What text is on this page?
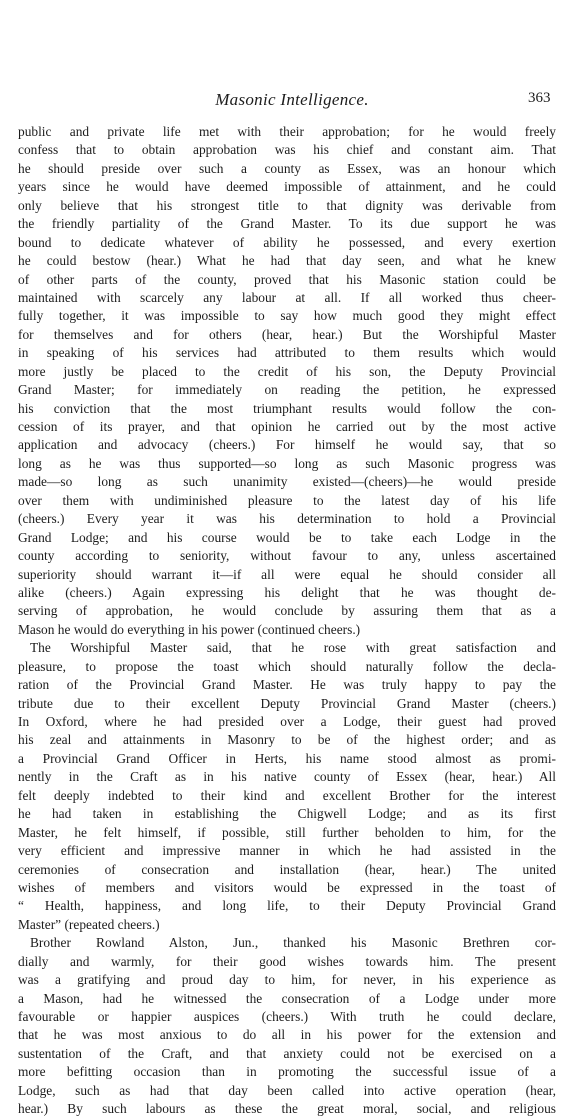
Masonic Intelligence.	363
public and private life met with their approbation; for he would freely
confess that to obtain approbation was his chief and constant aim. That
he should preside over such a county as Essex, was an honour which
years since he would have deemed impossible of attainment, and he could
only believe that his strongest title to that dignity was derivable from
the friendly partiality of the Grand Master. To its due support he was
bound to dedicate whatever of ability he possessed, and every exertion
he could bestow (hear.) What he had that day seen, and what he knew
of other parts of the county, proved that his Masonic station could be
maintained with scarcely any labour at all. If all worked thus cheer-
fully together, it was impossible to say how much good they might effect
for themselves and for others (hear, hear.) But the Worshipful Master
in speaking of his services had attributed to them results which would
more justly be placed to the credit of his son, the Deputy Provincial
Grand Master; for immediately on reading the petition, he expressed
his conviction that the most triumphant results would follow the con-
cession of its prayer, and that opinion he carried out by the most active
application and advocacy (cheers.) For himself he would say, that so
long as he was thus supported—so long as such Masonic progress was
made—so long as such unanimity existed—(cheers)—he would preside
over them with undiminished pleasure to the latest day of his life
(cheers.) Every year it was his determination to hold a Provincial
Grand Lodge; and his course would be to take each Lodge in the
county according to seniority, without favour to any, unless ascertained
superiority should warrant it—if all were equal he should consider all
alike (cheers.) Again expressing his delight that he was thought de-
serving of approbation, he would conclude by assuring them that as a
Mason he would do everything in his power (continued cheers.)
The Worshipful Master said, that he rose with great satisfaction and
pleasure, to propose the toast which should naturally follow the decla-
ration of the Provincial Grand Master. He was truly happy to pay the
tribute due to their excellent Deputy Provincial Grand Master (cheers.)
In Oxford, where he had presided over a Lodge, their guest had proved
his zeal and attainments in Masonry to be of the highest order; and as
a Provincial Grand Officer in Herts, his name stood almost as promi-
nently in the Craft as in his native county of Essex (hear, hear.) All
felt deeply indebted to their kind and excellent Brother for the interest
he had taken in establishing the Chigwell Lodge; and as its first
Master, he felt himself, if possible, still further beholden to him, for the
very efficient and impressive manner in which he had assisted in the
ceremonies of consecration and installation (hear, hear.) The united
wishes of members and visitors would be expressed in the toast of
“ Health, happiness, and long life, to their Deputy Provincial Grand
Master” (repeated cheers.)
Brother Rowland Alston, Jun., thanked his Masonic Brethren cor-
dially and warmly, for their good wishes towards him. The present
was a gratifying and proud day to him, for never, in his experience as
a Mason, had he witnessed the consecration of a Lodge under more
favourable or happier auspices (cheers.) With truth he could declare,
that he was most anxious to do all in his power for the extension and
sustentation of the Craft, and that anxiety could not be exercised on a
more befitting occasion than in promoting the successful issue of a
Lodge, such as had that day been called into active operation (hear,
hear.) By such labours as these the great moral, social, and religious
